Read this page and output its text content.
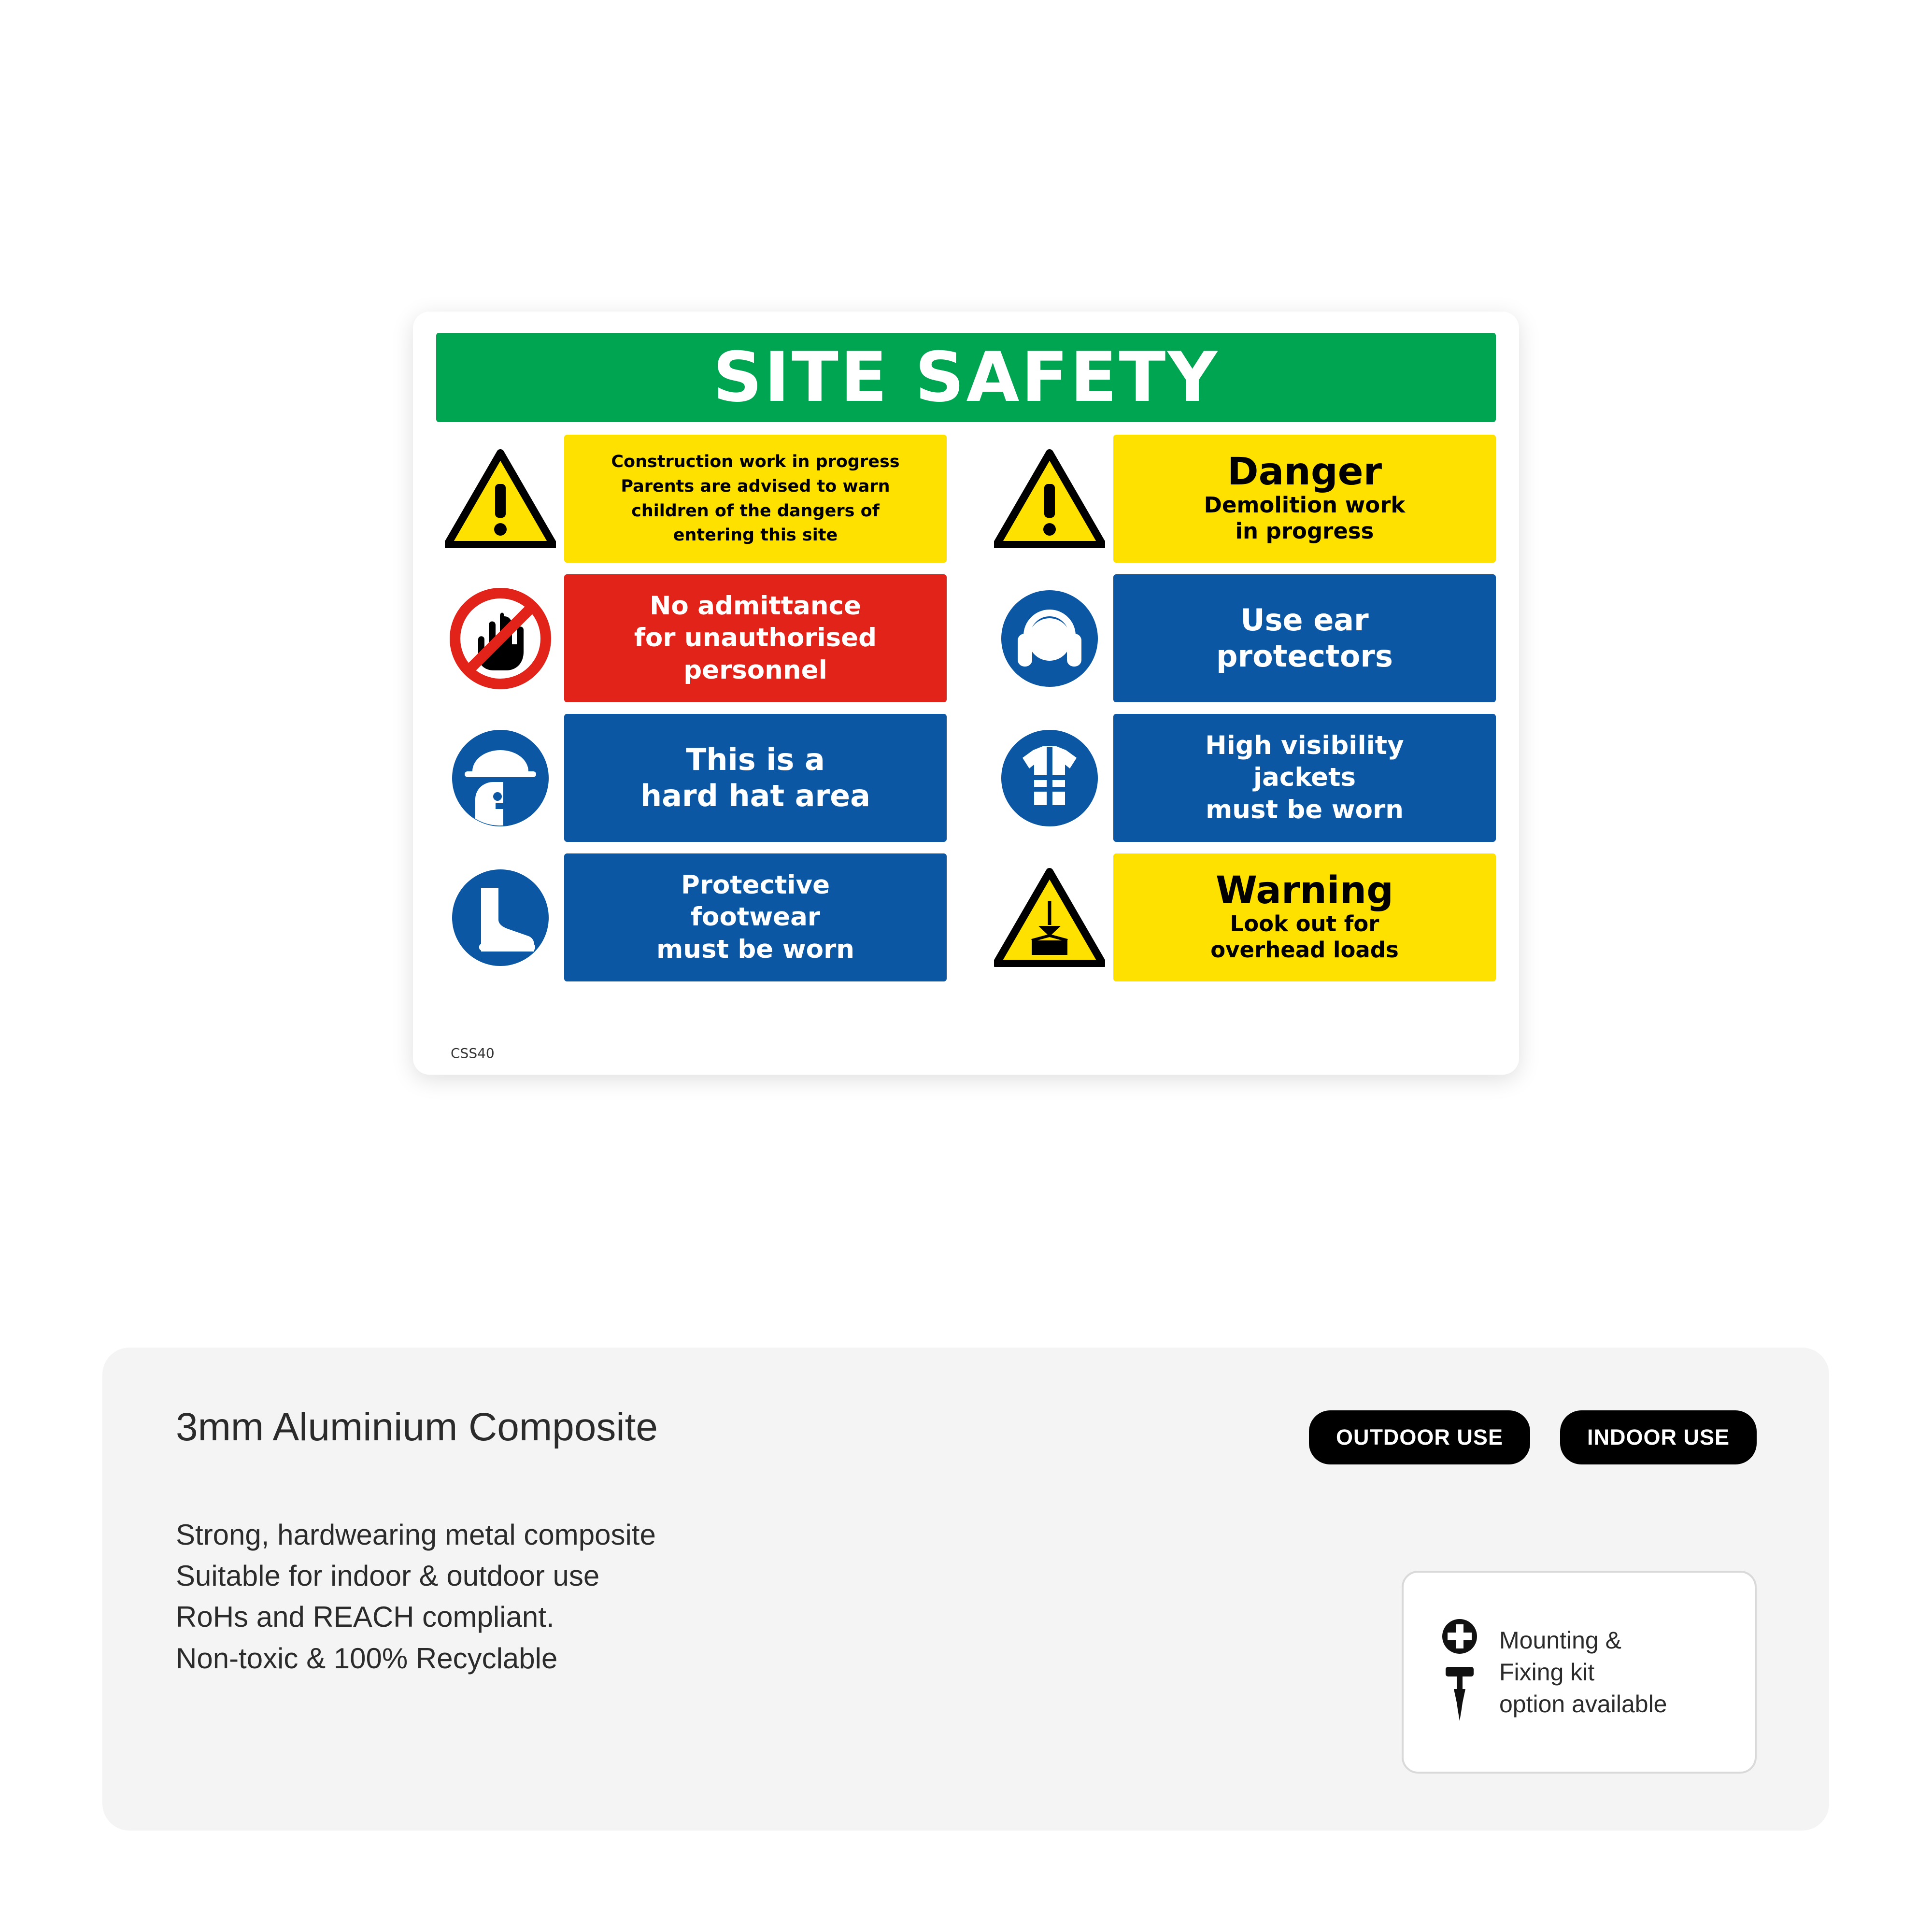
SITE SAFETY
Construction work in progress
Parents are advised to warn
children of the dangers of
entering this site
Danger
Demolition work
in progress
No admittance
for unauthorised
personnel
Use ear
protectors
This is a
hard hat area
High visibility
jackets
must be worn
Protective
footwear
must be worn
Warning
Look out for
overhead loads
CSS40
3mm Aluminium Composite
Strong, hardwearing metal composite
Suitable for indoor & outdoor use
RoHs and REACH compliant.
Non-toxic & 100% Recyclable
OUTDOOR USE	INDOOR USE
Mounting &
Fixing kit
option available
